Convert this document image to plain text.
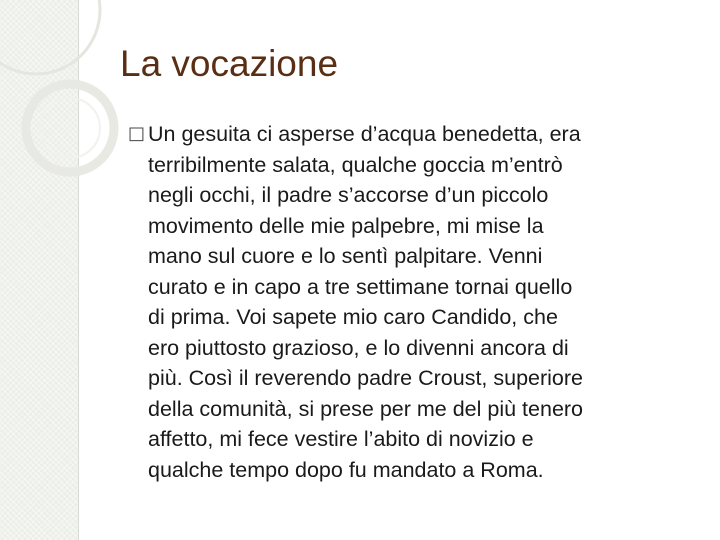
La vocazione
□ Un gesuita ci asperse d’acqua benedetta, era
terribilmente salata, qualche goccia m’entrò
negli occhi, il padre s’accorse d’un piccolo
movimento delle mie palpebre, mi mise la
mano sul cuore e lo sentì palpitare. Venni
curato e in capo a tre settimane tornai quello
di prima. Voi sapete mio caro Candido, che
ero piuttosto grazioso, e lo divenni ancora di
più. Così il reverendo padre Croust, superiore
della comunità, si prese per me del più tenero
affetto, mi fece vestire l’abito di novizio e
qualche tempo dopo fu mandato a Roma.
